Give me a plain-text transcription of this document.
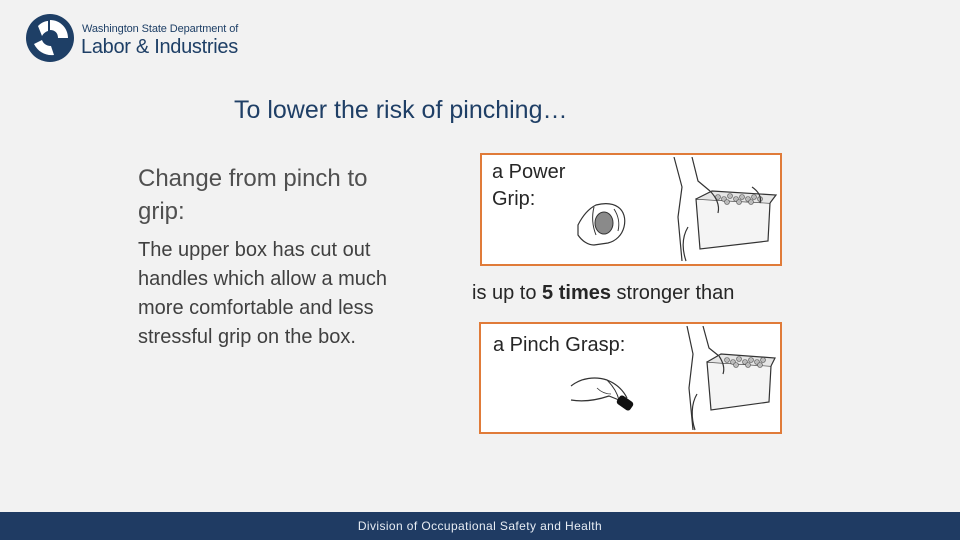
Washington State Department of
Labor & Industries
To lower the risk of pinching…
Change from pinch to grip:
The upper box has cut out handles which allow a much more comfortable and less stressful grip on the box.
a Power Grip:
is up to 5 times stronger than
a Pinch Grasp:
Division of Occupational Safety and Health
